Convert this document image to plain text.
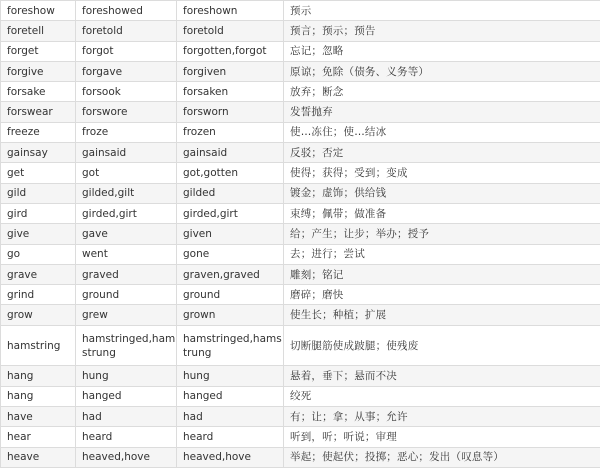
foreshow	foreshowed	foreshown	预示
foretell	foretold	foretold	预言；预示；预告
forget	forgot	forgotten,forgot	忘记；忽略
forgive	forgave	forgiven	原谅；免除（债务、义务等）
forsake	forsook	forsaken	放弃；断念
forswear	forswore	forsworn	发誓抛弃
freeze	froze	frozen	使…冻住；使…结冰
gainsay	gainsaid	gainsaid	反驳；否定
get	got	got,gotten	使得；获得；受到；变成
gild	gilded,gilt	gilded	镀金；虚饰；供给钱
gird	girded,girt	girded,girt	束缚；佩带；做准备
give	gave	given	给；产生；让步；举办；授予
go	went	gone	去；进行；尝试
grave	graved	graven,graved	雕刻；铭记
grind	ground	ground	磨碎；磨快
grow	grew	grown	使生长；种植；扩展
hamstring	hamstringed,hamstrung	hamstringed,hamstrung	切断腿筋使成跛腿；使残废
hang	hung	hung	悬着，垂下；悬而不决
hang	hanged	hanged	绞死
have	had	had	有；让；拿；从事；允许
hear	heard	heard	听到，听；听说；审理
heave	heaved,hove	heaved,hove	举起；使起伏；投掷；恶心；发出（叹息等）
